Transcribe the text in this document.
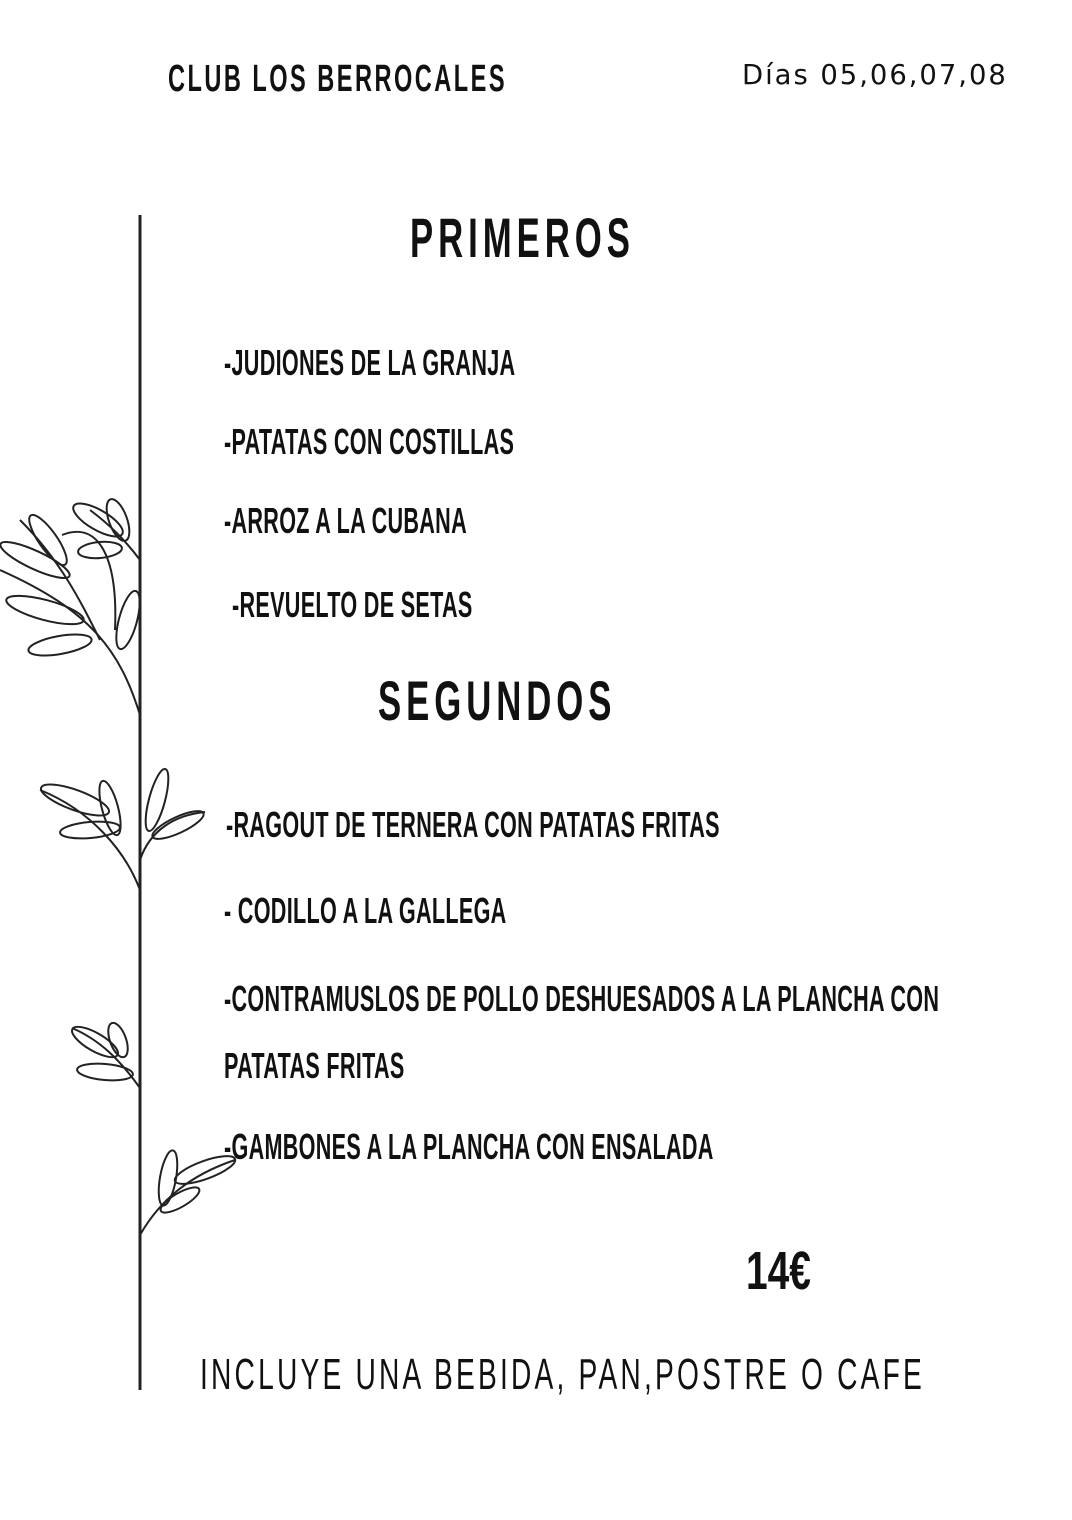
CLUB LOS BERROCALES	Días 05,06,07,08
PRIMEROS
-JUDIONES DE LA GRANJA
-PATATAS CON COSTILLAS
-ARROZ A LA CUBANA
-REVUELTO DE SETAS
SEGUNDOS
-RAGOUT DE TERNERA CON PATATAS FRITAS
- CODILLO A LA GALLEGA
-CONTRAMUSLOS DE POLLO DESHUESADOS A LA PLANCHA CON
PATATAS FRITAS
-GAMBONES A LA PLANCHA CON ENSALADA
14€
INCLUYE UNA BEBIDA, PAN,POSTRE O CAFE
